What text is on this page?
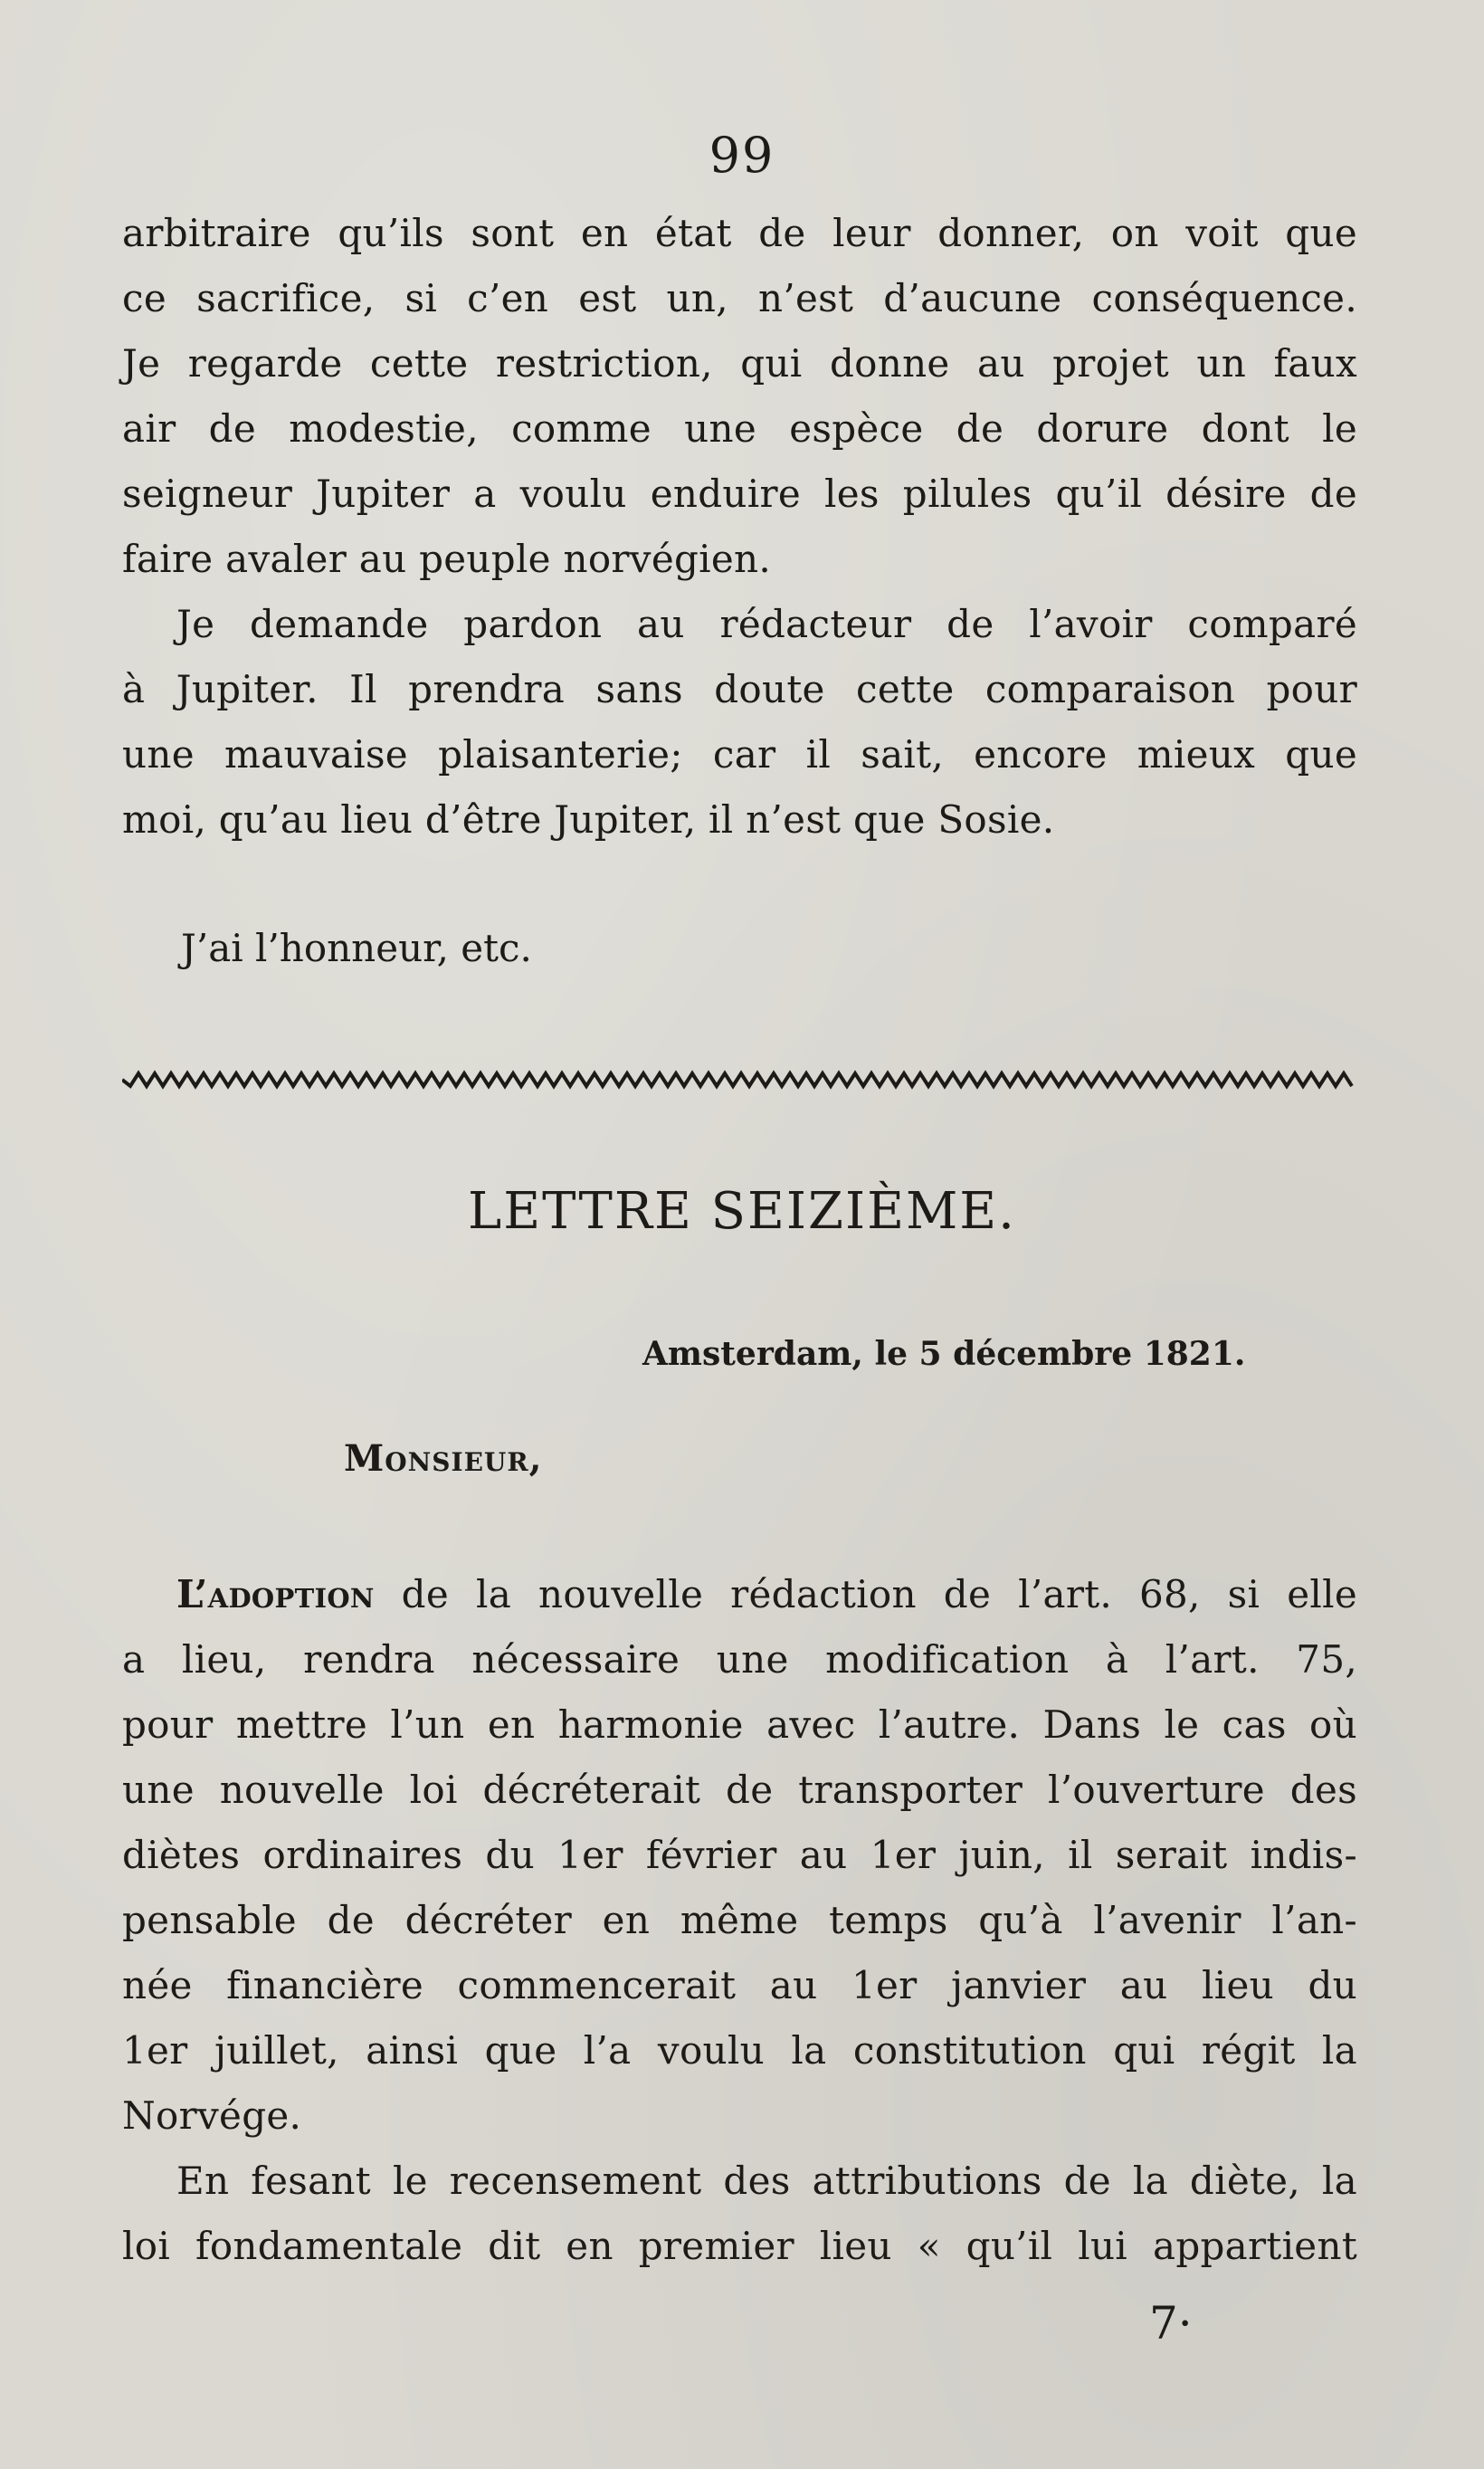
99
arbitraire qu’ils sont en état de leur donner, on voit que
ce sacrifice, si c’en est un, n’est d’aucune conséquence.
Je regarde cette restriction, qui donne au projet un faux
air de modestie, comme une espèce de dorure dont le
seigneur Jupiter a voulu enduire les pilules qu’il désire de
faire avaler au peuple norvégien.
Je demande pardon au rédacteur de l’avoir comparé
à Jupiter. Il prendra sans doute cette comparaison pour
une mauvaise plaisanterie; car il sait, encore mieux que
moi, qu’au lieu d’être Jupiter, il n’est que Sosie.
J’ai l’honneur, etc.
LETTRE SEIZIÈME.
Amsterdam, le 5 décembre 1821.
Monsieur,
L’adoption de la nouvelle rédaction de l’art. 68, si elle
a lieu, rendra nécessaire une modification à l’art. 75,
pour mettre l’un en harmonie avec l’autre. Dans le cas où
une nouvelle loi décréterait de transporter l’ouverture des
diètes ordinaires du 1er février au 1er juin, il serait indis-
pensable de décréter en même temps qu’à l’avenir l’an-
née financière commencerait au 1er janvier au lieu du
1er juillet, ainsi que l’a voulu la constitution qui régit la
Norvége.
En fesant le recensement des attributions de la diète, la
loi fondamentale dit en premier lieu « qu’il lui appartient
7·
